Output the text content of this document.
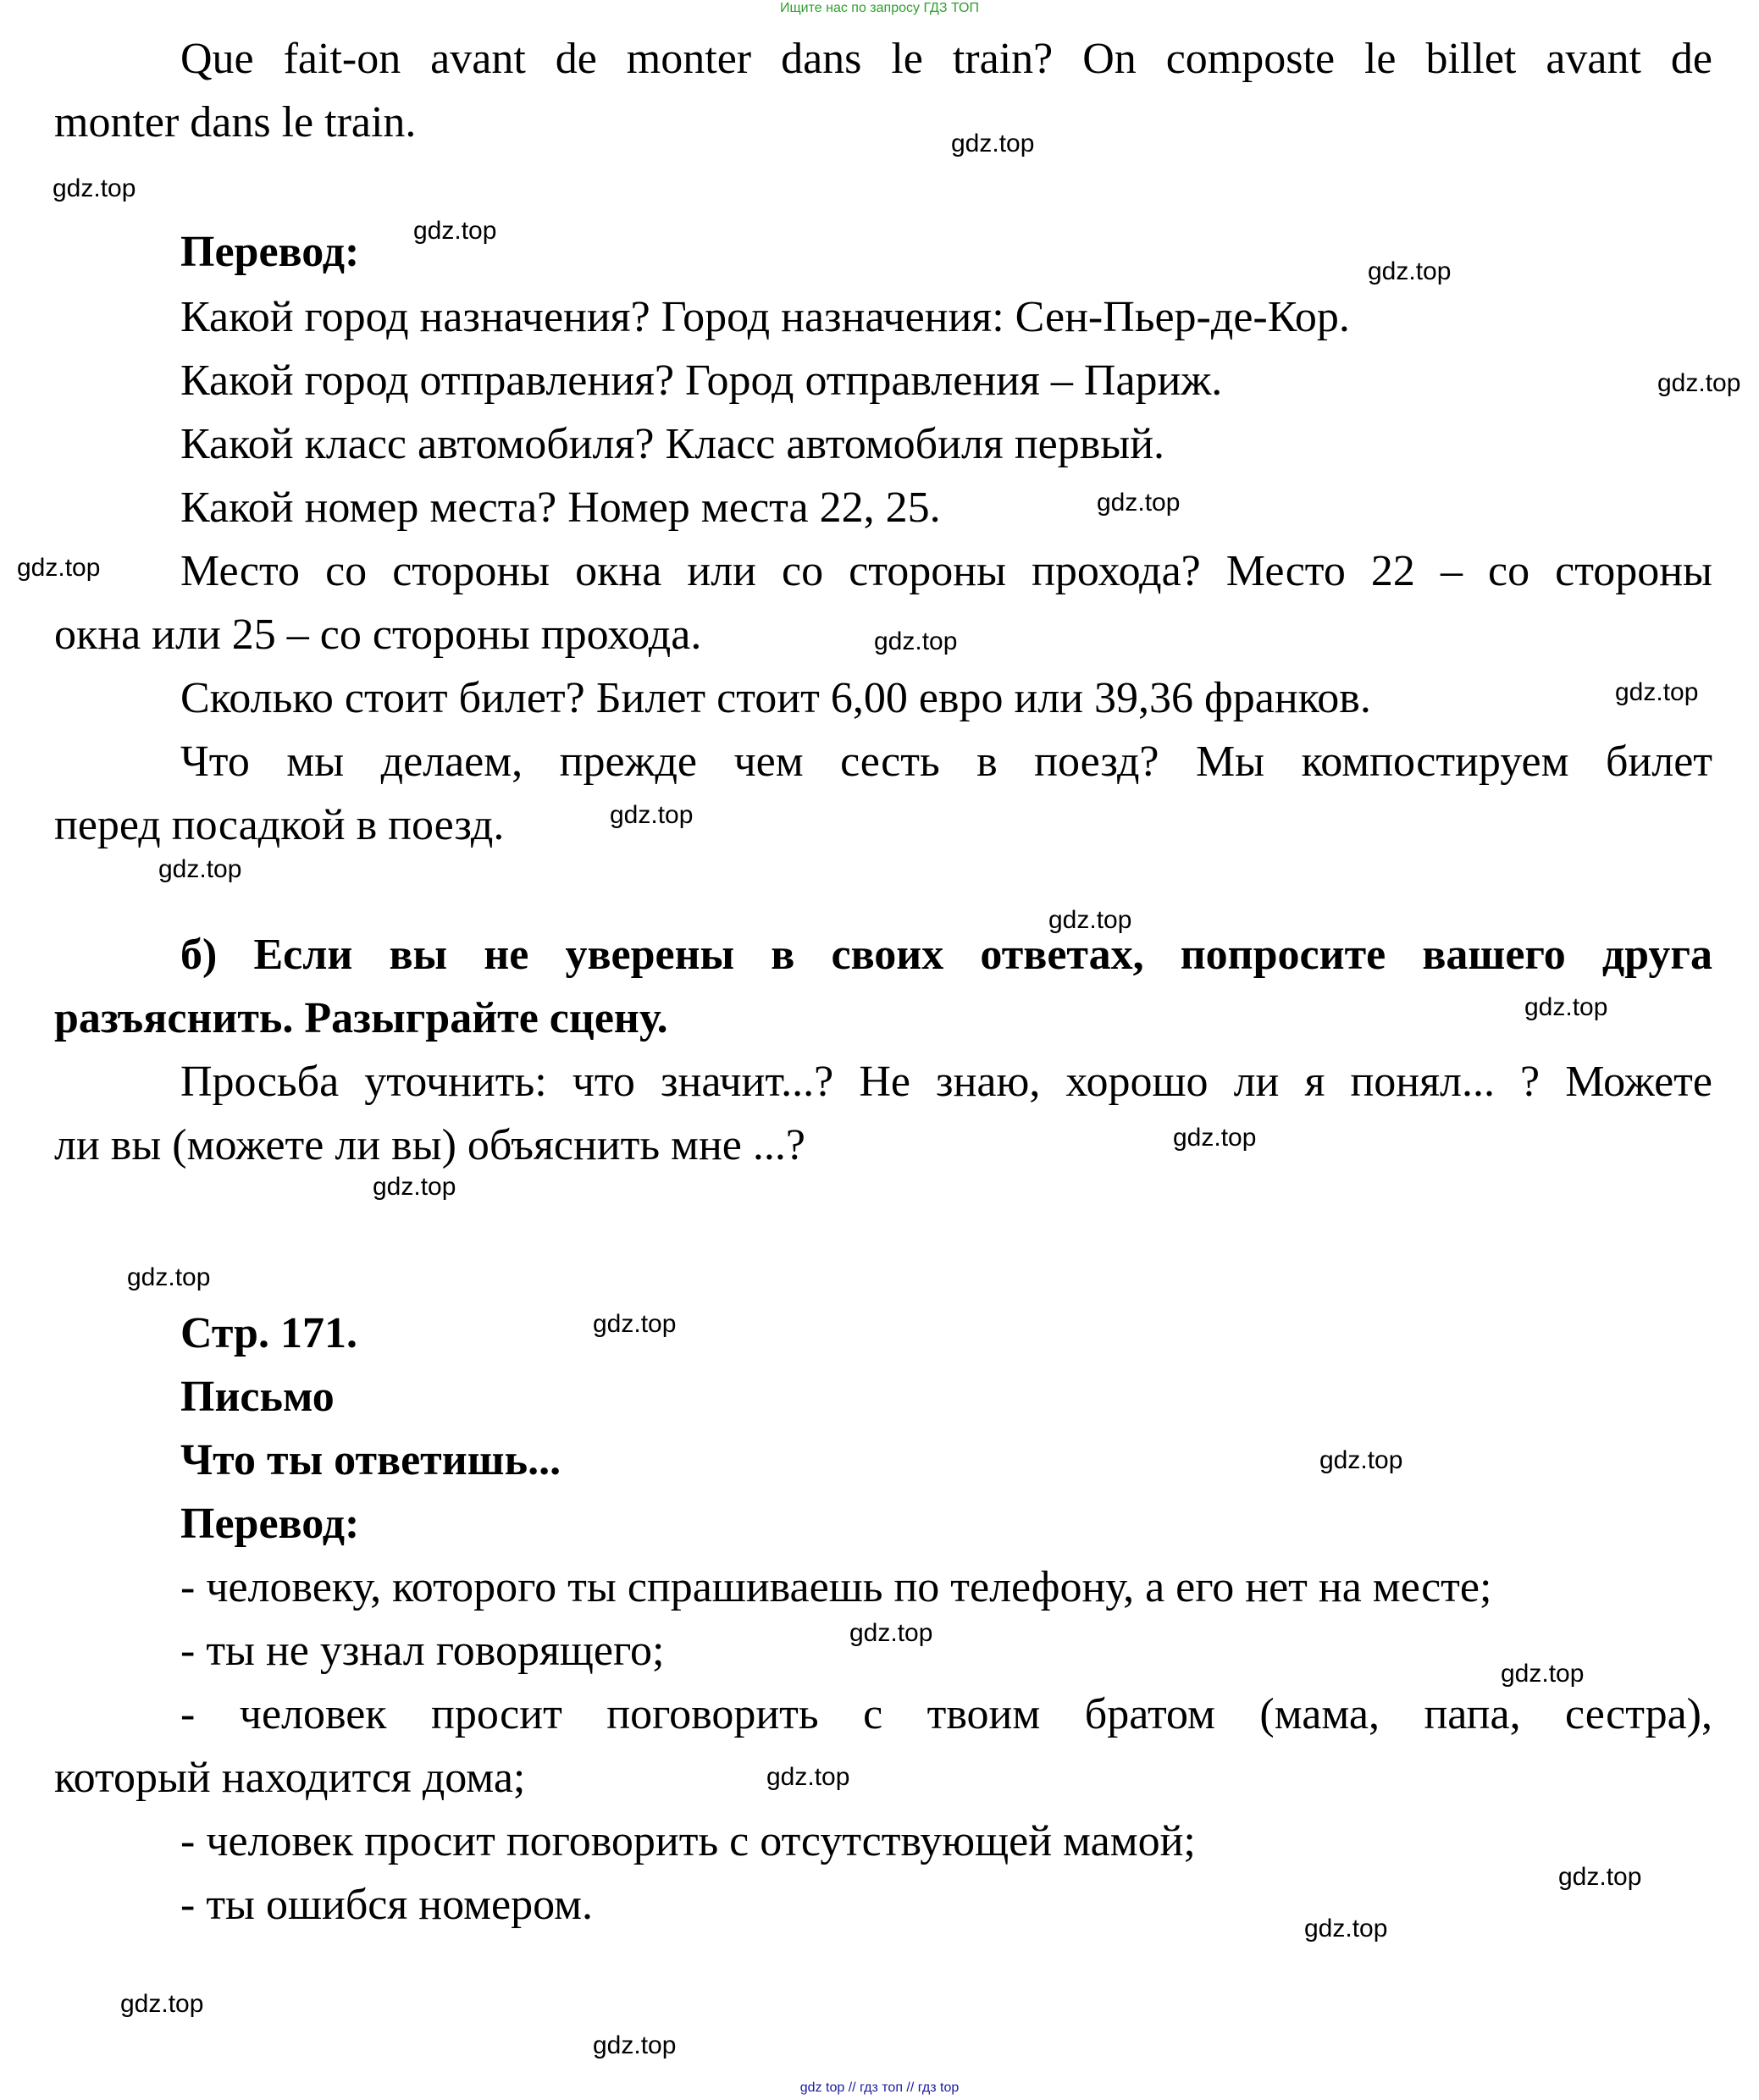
Ищите нас по запросу ГДЗ ТОП
gdz top // гдз топ // гдз top
Que fait-on avant de monter dans le train? On composte le billet avant de
monter dans le train.
Перевод:
Какой город назначения? Город назначения: Сен-Пьер-де-Кор.
Какой город отправления? Город отправления – Париж.
Какой класс автомобиля? Класс автомобиля первый.
Какой номер места? Номер места 22, 25.
Место со стороны окна или со стороны прохода? Место 22 – со стороны
окна или 25 – со стороны прохода.
Сколько стоит билет? Билет стоит 6,00 евро или 39,36 франков.
Что мы делаем, прежде чем сесть в поезд? Мы компостируем билет
перед посадкой в поезд.
б) Если вы не уверены в своих ответах, попросите вашего друга
разъяснить. Разыграйте сцену.
Просьба уточнить: что значит...? Не знаю, хорошо ли я понял... ? Можете
ли вы (можете ли вы) объяснить мне ...?
Стр. 171.
Письмо
Что ты ответишь...
Перевод:
- человеку, которого ты спрашиваешь по телефону, а его нет на месте;
- ты не узнал говорящего;
- человек просит поговорить с твоим братом (мама, папа, сестра),
который находится дома;
- человек просит поговорить с отсутствующей мамой;
- ты ошибся номером.
gdz.top
gdz.top
gdz.top
gdz.top
gdz.top
gdz.top
gdz.top
gdz.top
gdz.top
gdz.top
gdz.top
gdz.top
gdz.top
gdz.top
gdz.top
gdz.top
gdz.top
gdz.top
gdz.top
gdz.top
gdz.top
gdz.top
gdz.top
gdz.top
gdz.top
